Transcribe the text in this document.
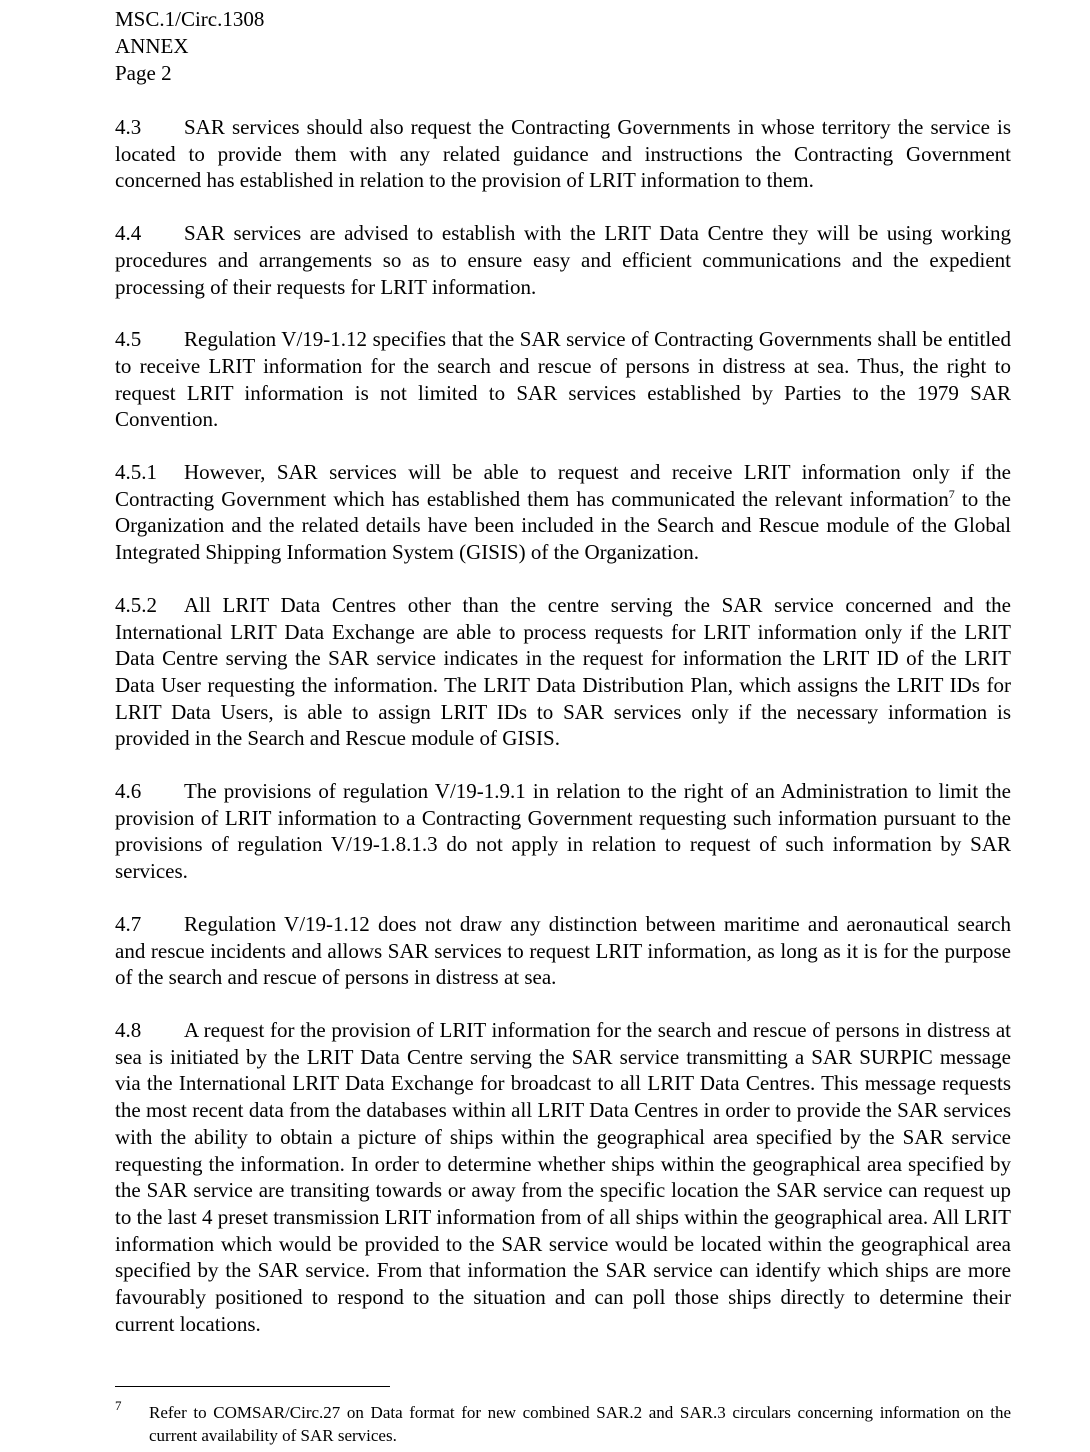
MSC.1/Circ.1308
ANNEX
Page 2

4.3 SAR services should also request the Contracting Governments in whose territory the service is located to provide them with any related guidance and instructions the Contracting Government concerned has established in relation to the provision of LRIT information to them.

4.4 SAR services are advised to establish with the LRIT Data Centre they will be using working procedures and arrangements so as to ensure easy and efficient communications and the expedient processing of their requests for LRIT information.

4.5 Regulation V/19-1.12 specifies that the SAR service of Contracting Governments shall be entitled to receive LRIT information for the search and rescue of persons in distress at sea. Thus, the right to request LRIT information is not limited to SAR services established by Parties to the 1979 SAR Convention.

4.5.1 However, SAR services will be able to request and receive LRIT information only if the Contracting Government which has established them has communicated the relevant information$^7$ to the Organization and the related details have been included in the Search and Rescue module of the Global Integrated Shipping Information System (GISIS) of the Organization.

4.5.2 All LRIT Data Centres other than the centre serving the SAR service concerned and the International LRIT Data Exchange are able to process requests for LRIT information only if the LRIT Data Centre serving the SAR service indicates in the request for information the LRIT ID of the LRIT Data User requesting the information. The LRIT Data Distribution Plan, which assigns the LRIT IDs for LRIT Data Users, is able to assign LRIT IDs to SAR services only if the necessary information is provided in the Search and Rescue module of GISIS.

4.6 The provisions of regulation V/19-1.9.1 in relation to the right of an Administration to limit the provision of LRIT information to a Contracting Government requesting such information pursuant to the provisions of regulation V/19-1.8.1.3 do not apply in relation to request of such information by SAR services.

4.7 Regulation V/19-1.12 does not draw any distinction between maritime and aeronautical search and rescue incidents and allows SAR services to request LRIT information, as long as it is for the purpose of the search and rescue of persons in distress at sea.

4.8 A request for the provision of LRIT information for the search and rescue of persons in distress at sea is initiated by the LRIT Data Centre serving the SAR service transmitting a SAR SURPIC message via the International LRIT Data Exchange for broadcast to all LRIT Data Centres. This message requests the most recent data from the databases within all LRIT Data Centres in order to provide the SAR services with the ability to obtain a picture of ships within the geographical area specified by the SAR service requesting the information. In order to determine whether ships within the geographical area specified by the SAR service are transiting towards or away from the specific location the SAR service can request up to the last 4 preset transmission LRIT information from of all ships within the geographical area. All LRIT information which would be provided to the SAR service would be located within the geographical area specified by the SAR service. From that information the SAR service can identify which ships are more favourably positioned to respond to the situation and can poll those ships directly to determine their current locations.

7 Refer to COMSAR/Circ.27 on Data format for new combined SAR.2 and SAR.3 circulars concerning information on the current availability of SAR services.
